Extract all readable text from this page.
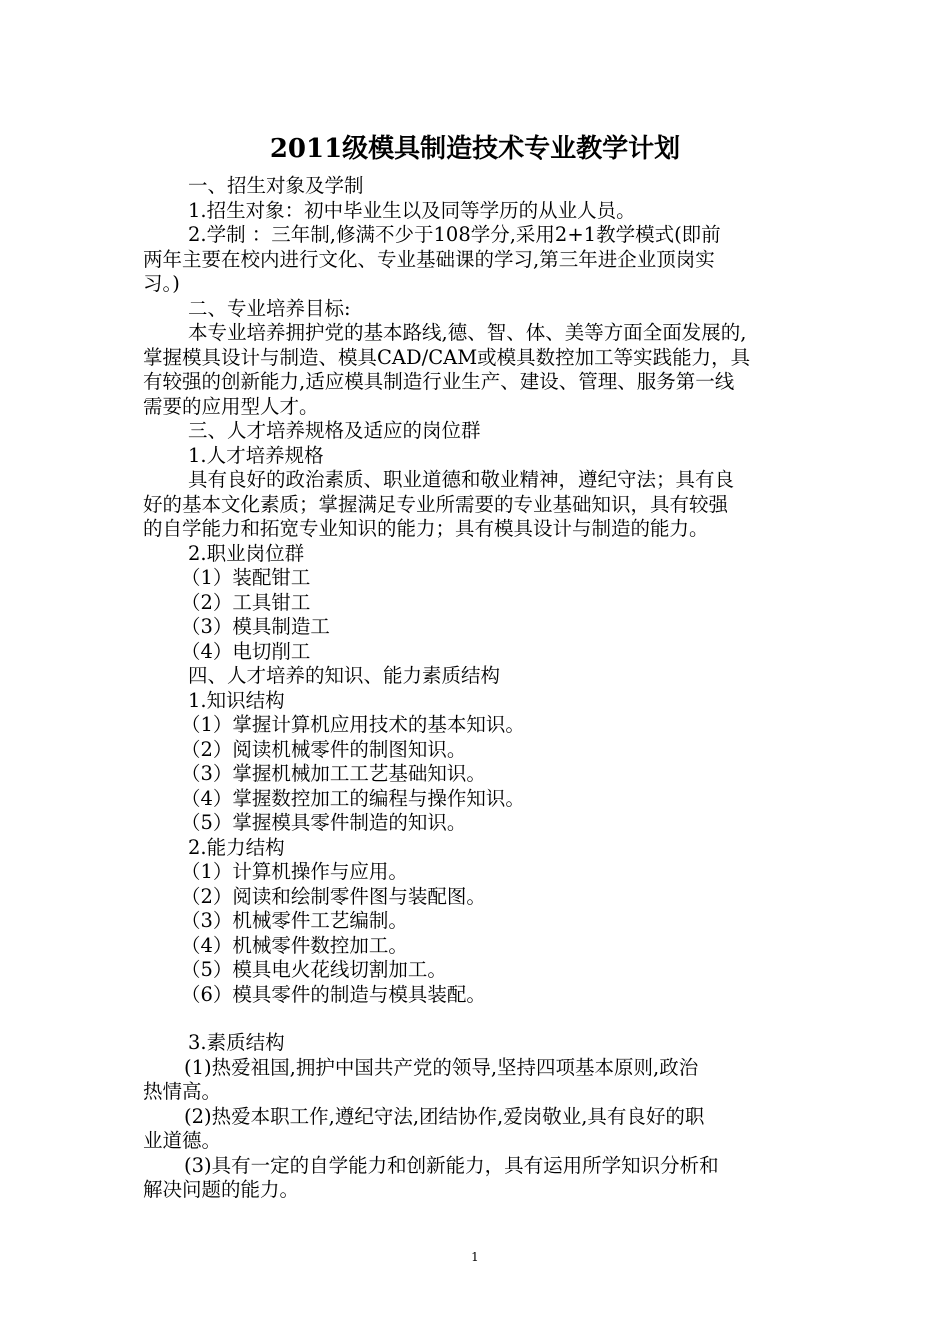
2011级模具制造技术专业教学计划

一、招生对象及学制

1.招生对象：初中毕业生以及同等学历的从业人员。

2.学制 ：三年制,修满不少于108学分,采用2+1教学模式(即前

两年主要在校内进行文化、专业基础课的学习,第三年进企业顶岗实

习。)

二、专业培养目标:

本专业培养拥护党的基本路线,德、智、体、美等方面全面发展的,

掌握模具设计与制造、模具CAD/CAM或模具数控加工等实践能力，具

有较强的创新能力,适应模具制造行业生产、建设、管理、服务第一线

需要的应用型人才。

三、人才培养规格及适应的岗位群

1.人才培养规格

具有良好的政治素质、职业道德和敬业精神，遵纪守法；具有良

好的基本文化素质；掌握满足专业所需要的专业基础知识，具有较强

的自学能力和拓宽专业知识的能力；具有模具设计与制造的能力。

2.职业岗位群

（1）装配钳工

（2）工具钳工

（3）模具制造工

（4）电切削工

四、人才培养的知识、能力素质结构

1.知识结构

（1）掌握计算机应用技术的基本知识。

（2）阅读机械零件的制图知识。

（3）掌握机械加工工艺基础知识。

（4）掌握数控加工的编程与操作知识。

（5）掌握模具零件制造的知识。

2.能力结构

（1）计算机操作与应用。

（2）阅读和绘制零件图与装配图。

（3）机械零件工艺编制。

（4）机械零件数控加工。

（5）模具电火花线切割加工。

（6）模具零件的制造与模具装配。

3.素质结构

(1)热爱祖国,拥护中国共产党的领导,坚持四项基本原则,政治

热情高。

(2)热爱本职工作,遵纪守法,团结协作,爱岗敬业,具有良好的职

业道德。

(3)具有一定的自学能力和创新能力，具有运用所学知识分析和

解决问题的能力。

1
